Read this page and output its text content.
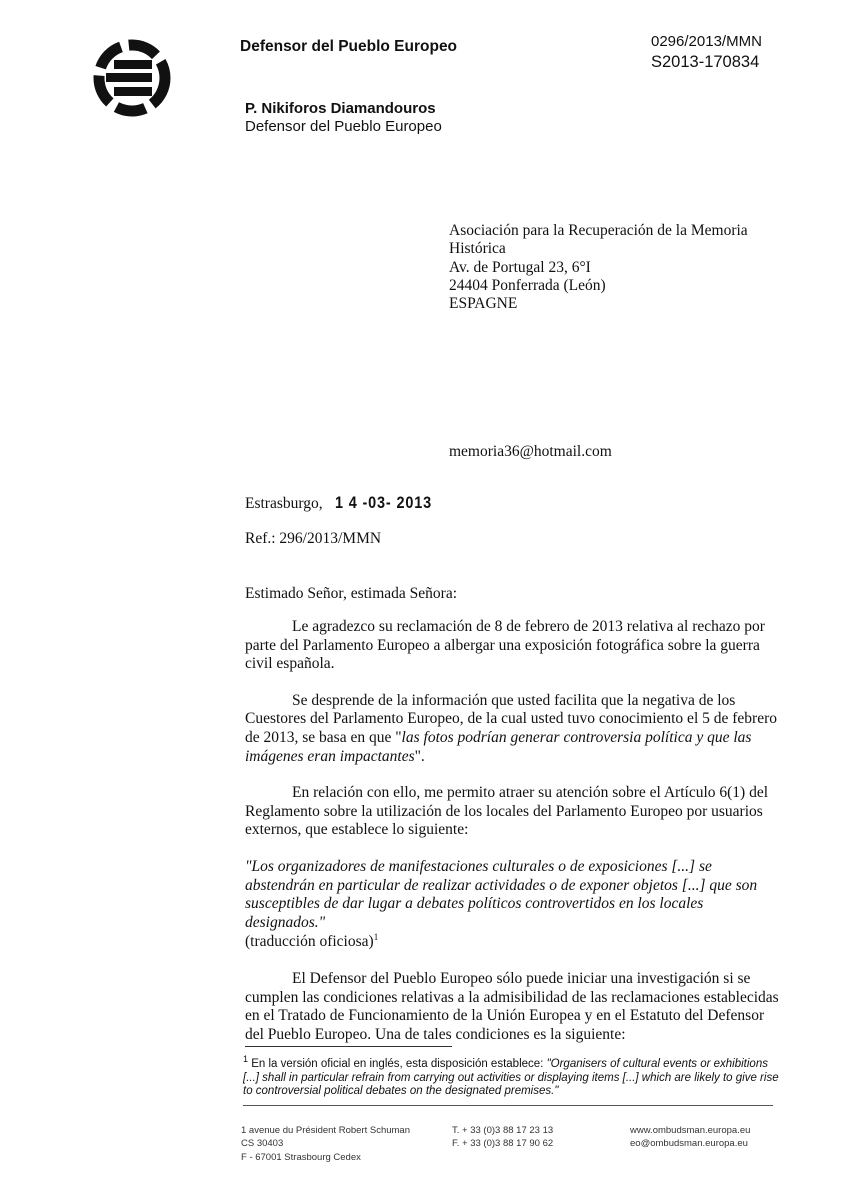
Defensor del Pueblo Europeo	0296/2013/MMN
S2013-170834
P. Nikiforos Diamandouros
Defensor del Pueblo Europeo
Asociación para la Recuperación de la Memoria
Histórica
Av. de Portugal 23, 6°I
24404 Ponferrada (León)
ESPAGNE
memoria36@hotmail.com
Estrasburgo, 1 4 -03- 2013
Ref.: 296/2013/MMN
Estimado Señor, estimada Señora:

Le agradezco su reclamación de 8 de febrero de 2013 relativa al rechazo por parte del Parlamento Europeo a albergar una exposición fotográfica sobre la guerra civil española.

Se desprende de la información que usted facilita que la negativa de los Cuestores del Parlamento Europeo, de la cual usted tuvo conocimiento el 5 de febrero de 2013, se basa en que "las fotos podrían generar controversia política y que las imágenes eran impactantes".

En relación con ello, me permito atraer su atención sobre el Artículo 6(1) del Reglamento sobre la utilización de los locales del Parlamento Europeo por usuarios externos, que establece lo siguiente:

"Los organizadores de manifestaciones culturales o de exposiciones [...] se abstendrán en particular de realizar actividades o de exponer objetos [...] que son susceptibles de dar lugar a debates políticos controvertidos en los locales designados."
(traducción oficiosa)$^1$

El Defensor del Pueblo Europeo sólo puede iniciar una investigación si se cumplen las condiciones relativas a la admisibilidad de las reclamaciones establecidas en el Tratado de Funcionamiento de la Unión Europea y en el Estatuto del Defensor del Pueblo Europeo. Una de tales condiciones es la siguiente:

$^1$ En la versión oficial en inglés, esta disposición establece: "Organisers of cultural events or exhibitions [...] shall in particular refrain from carrying out activities or displaying items [...] which are likely to give rise to controversial political debates on the designated premises."
1 avenue du Président Robert Schuman
CS 30403
F - 67001 Strasbourg Cedex
T. + 33 (0)3 88 17 23 13
F. + 33 (0)3 88 17 90 62
www.ombudsman.europa.eu
eo@ombudsman.europa.eu
